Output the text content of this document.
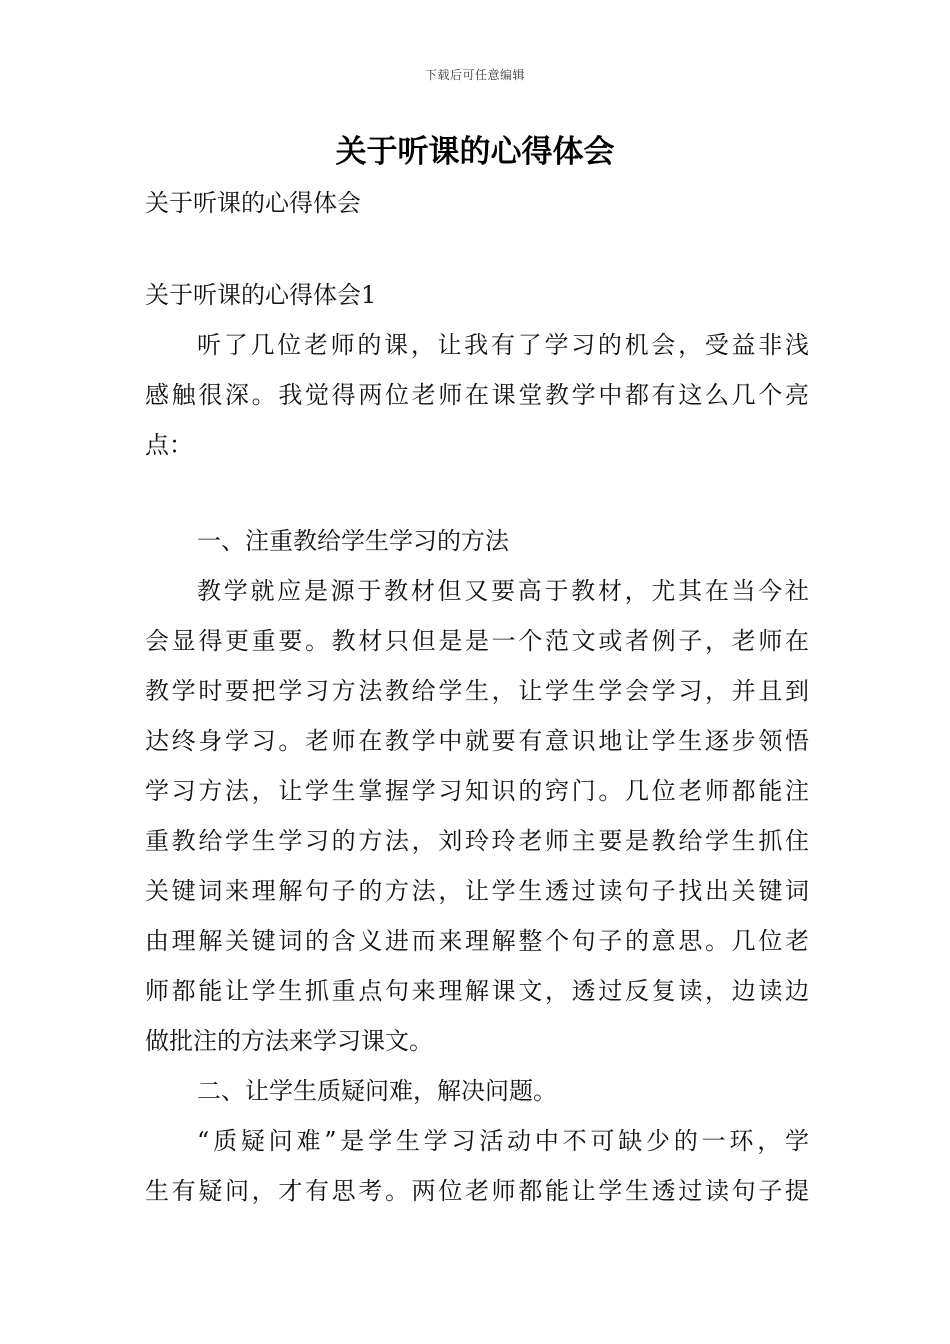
下载后可任意编辑
关于听课的心得体会
关于听课的心得体会
关于听课的心得体会1
听了几位老师的课，让我有了学习的机会，受益非浅
感触很深。我觉得两位老师在课堂教学中都有这么几个亮
点：
一、注重教给学生学习的方法
教学就应是源于教材但又要高于教材，尤其在当今社
会显得更重要。教材只但是是一个范文或者例子，老师在
教学时要把学习方法教给学生，让学生学会学习，并且到
达终身学习。老师在教学中就要有意识地让学生逐步领悟
学习方法，让学生掌握学习知识的窍门。几位老师都能注
重教给学生学习的方法，刘玲玲老师主要是教给学生抓住
关键词来理解句子的方法，让学生透过读句子找出关键词
由理解关键词的含义进而来理解整个句子的意思。几位老
师都能让学生抓重点句来理解课文，透过反复读，边读边
做批注的方法来学习课文。
二、让学生质疑问难，解决问题。
“质疑问难”是学生学习活动中不可缺少的一环，学
生有疑问，才有思考。两位老师都能让学生透过读句子提
